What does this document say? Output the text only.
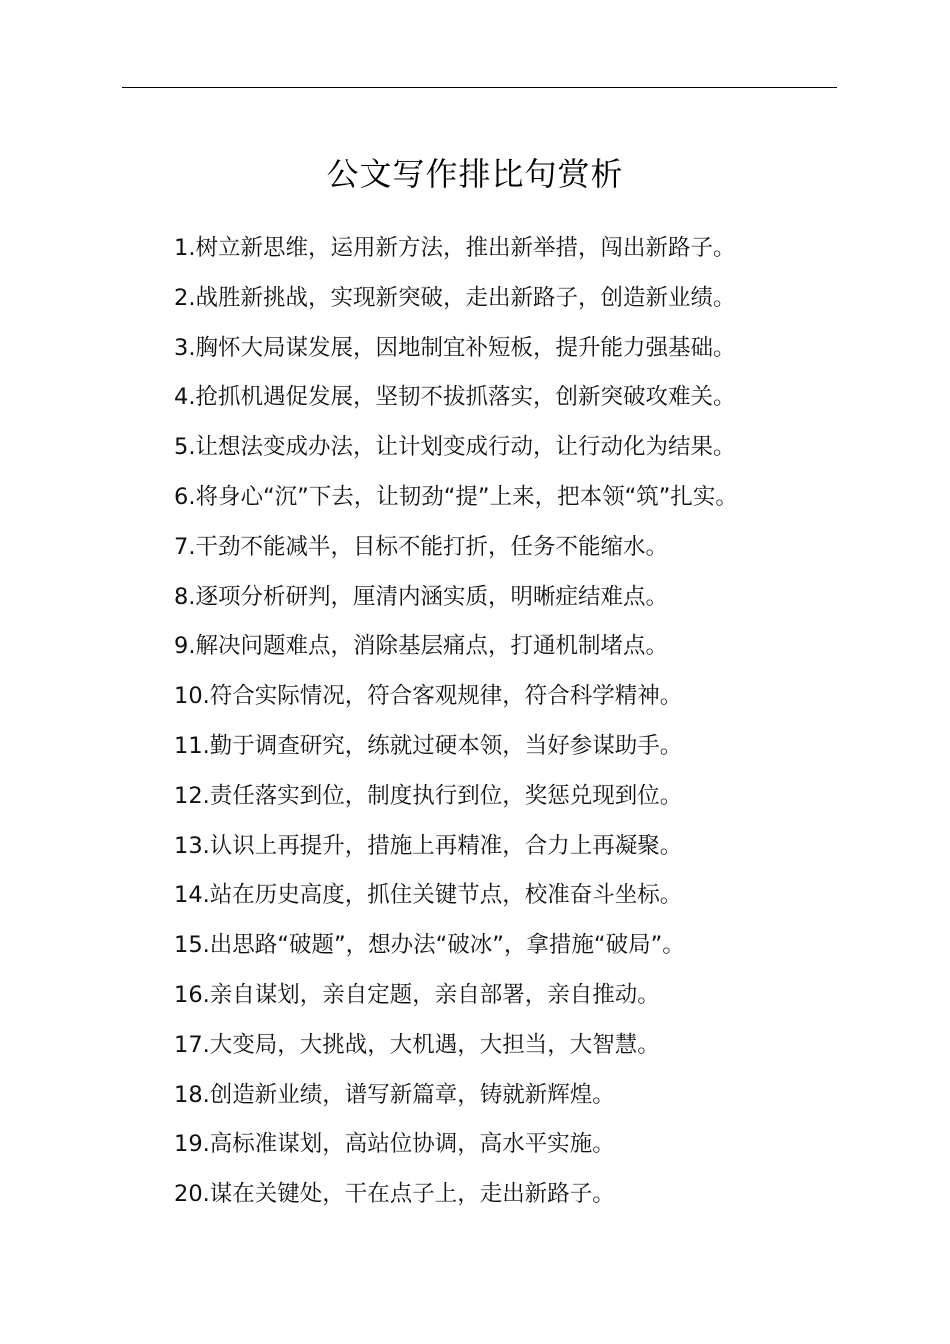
公文写作排比句赏析
1.树立新思维，运用新方法，推出新举措，闯出新路子。
2.战胜新挑战，实现新突破，走出新路子，创造新业绩。
3.胸怀大局谋发展，因地制宜补短板，提升能力强基础。
4.抢抓机遇促发展，坚韧不拔抓落实，创新突破攻难关。
5.让想法变成办法，让计划变成行动，让行动化为结果。
6.将身心“沉”下去，让韧劲“提”上来，把本领“筑”扎实。
7.干劲不能减半，目标不能打折，任务不能缩水。
8.逐项分析研判，厘清内涵实质，明晰症结难点。
9.解决问题难点，消除基层痛点，打通机制堵点。
10.符合实际情况，符合客观规律，符合科学精神。
11.勤于调查研究，练就过硬本领，当好参谋助手。
12.责任落实到位，制度执行到位，奖惩兑现到位。
13.认识上再提升，措施上再精准，合力上再凝聚。
14.站在历史高度，抓住关键节点，校准奋斗坐标。
15.出思路“破题”，想办法“破冰”，拿措施“破局”。
16.亲自谋划，亲自定题，亲自部署，亲自推动。
17.大变局，大挑战，大机遇，大担当，大智慧。
18.创造新业绩，谱写新篇章，铸就新辉煌。
19.高标准谋划，高站位协调，高水平实施。
20.谋在关键处，干在点子上，走出新路子。
